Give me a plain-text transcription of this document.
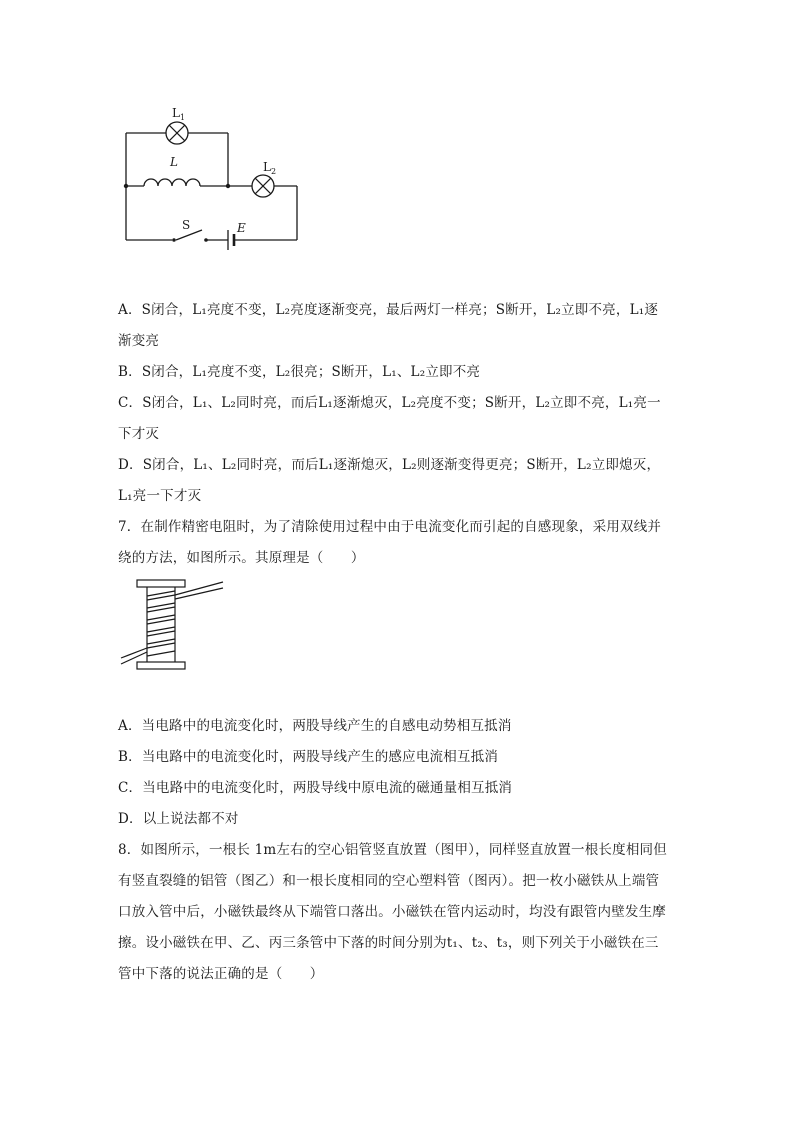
L 1
L	L 2
S	E
A．S闭合，L₁亮度不变，L₂亮度逐渐变亮，最后两灯一样亮；S断开，L₂立即不亮，L₁逐
渐变亮
B．S闭合，L₁亮度不变，L₂很亮；S断开，L₁、L₂立即不亮
C．S闭合，L₁、L₂同时亮，而后L₁逐渐熄灭，L₂亮度不变；S断开，L₂立即不亮，L₁亮一
下才灭
D．S闭合，L₁、L₂同时亮，而后L₁逐渐熄灭，L₂则逐渐变得更亮；S断开，L₂立即熄灭，
L₁亮一下才灭
7．在制作精密电阻时，为了清除使用过程中由于电流变化而引起的自感现象，采用双线并
绕的方法，如图所示。其原理是（　　）
A．当电路中的电流变化时，两股导线产生的自感电动势相互抵消
B．当电路中的电流变化时，两股导线产生的感应电流相互抵消
C．当电路中的电流变化时，两股导线中原电流的磁通量相互抵消
D．以上说法都不对
8．如图所示，一根长 1m左右的空心铝管竖直放置（图甲），同样竖直放置一根长度相同但
有竖直裂缝的铝管（图乙）和一根长度相同的空心塑料管（图丙）。把一枚小磁铁从上端管
口放入管中后，小磁铁最终从下端管口落出。小磁铁在管内运动时，均没有跟管内壁发生摩
擦。设小磁铁在甲、乙、丙三条管中下落的时间分别为t₁、t₂、t₃，则下列关于小磁铁在三
管中下落的说法正确的是（　　）
